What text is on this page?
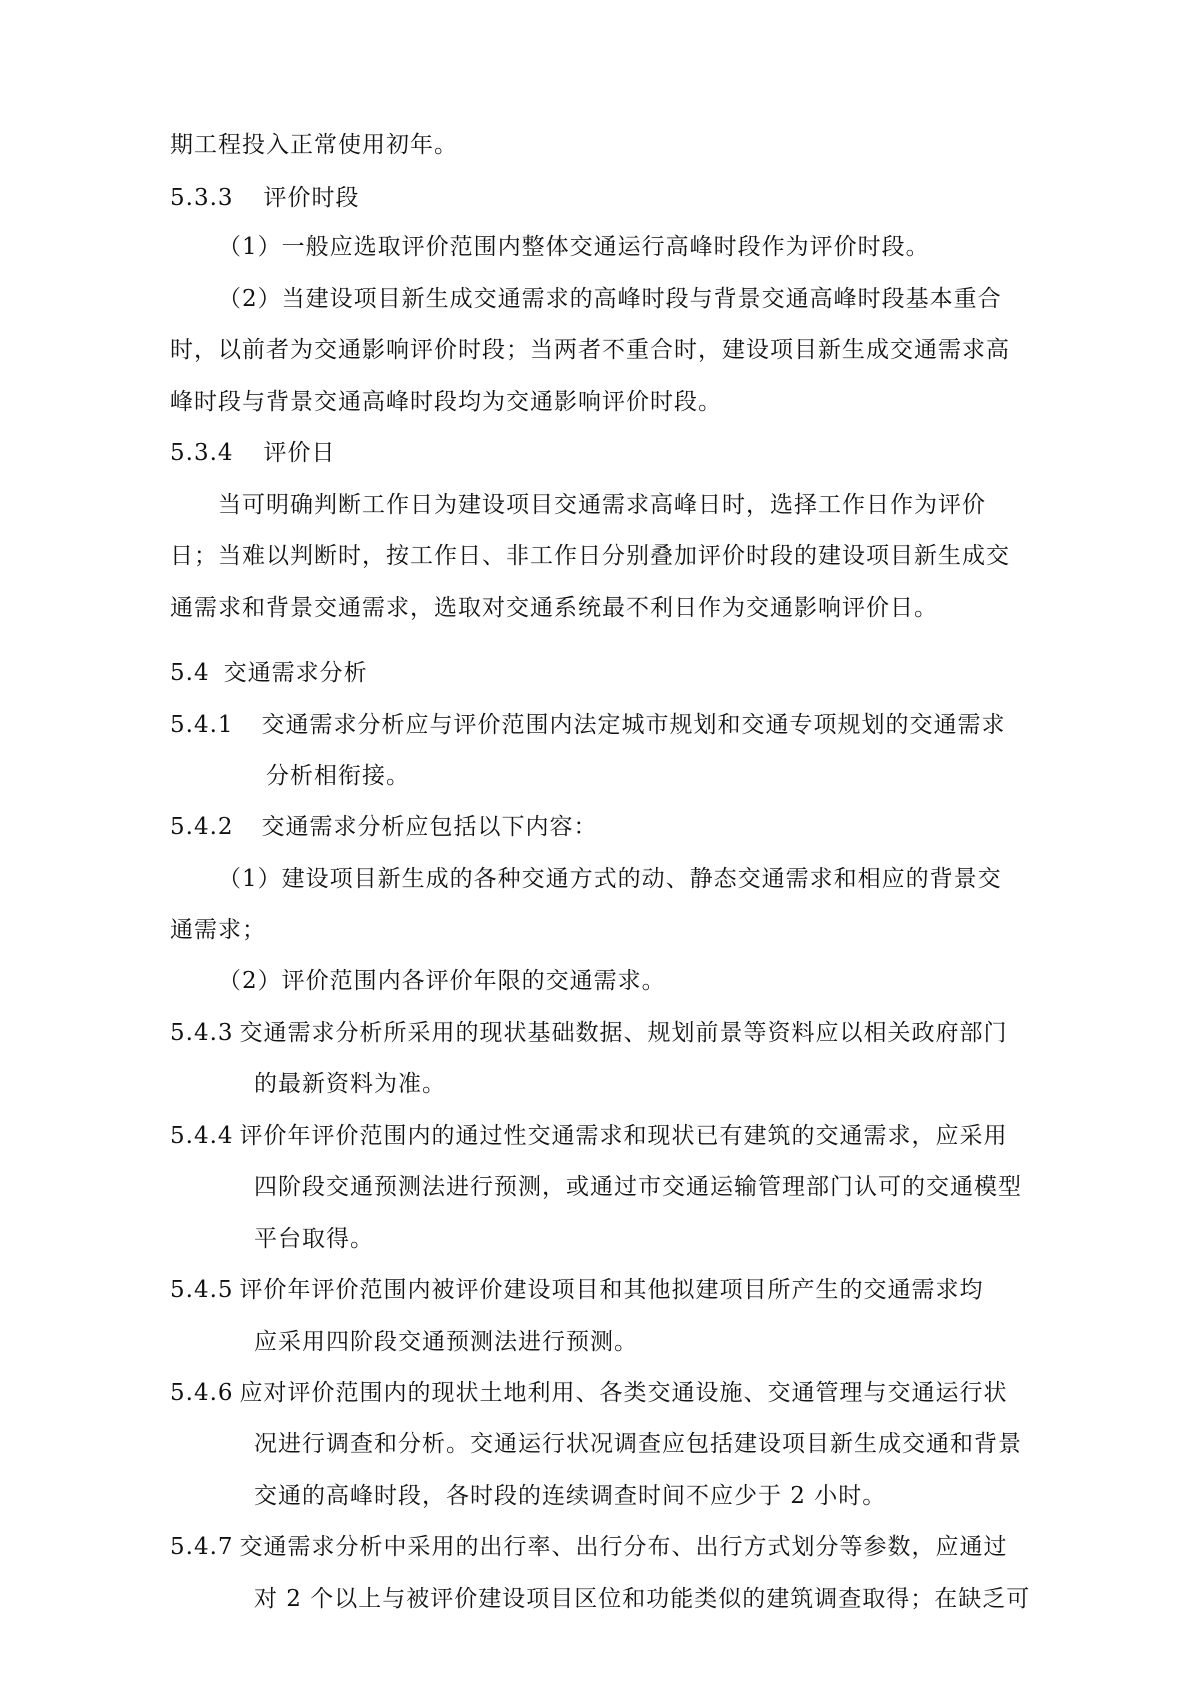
期工程投入正常使用初年。
5.3.3 评价时段
（1）一般应选取评价范围内整体交通运行高峰时段作为评价时段。
（2）当建设项目新生成交通需求的高峰时段与背景交通高峰时段基本重合
时，以前者为交通影响评价时段；当两者不重合时，建设项目新生成交通需求高
峰时段与背景交通高峰时段均为交通影响评价时段。
5.3.4 评价日
当可明确判断工作日为建设项目交通需求高峰日时，选择工作日作为评价
日；当难以判断时，按工作日、非工作日分别叠加评价时段的建设项目新生成交
通需求和背景交通需求，选取对交通系统最不利日作为交通影响评价日。
5.4 交通需求分析
5.4.1 交通需求分析应与评价范围内法定城市规划和交通专项规划的交通需求
分析相衔接。
5.4.2 交通需求分析应包括以下内容：
（1）建设项目新生成的各种交通方式的动、静态交通需求和相应的背景交
通需求；
（2）评价范围内各评价年限的交通需求。
5.4.3 交通需求分析所采用的现状基础数据、规划前景等资料应以相关政府部门
的最新资料为准。
5.4.4 评价年评价范围内的通过性交通需求和现状已有建筑的交通需求，应采用
四阶段交通预测法进行预测，或通过市交通运输管理部门认可的交通模型
平台取得。
5.4.5 评价年评价范围内被评价建设项目和其他拟建项目所产生的交通需求均
应采用四阶段交通预测法进行预测。
5.4.6 应对评价范围内的现状土地利用、各类交通设施、交通管理与交通运行状
况进行调查和分析。交通运行状况调查应包括建设项目新生成交通和背景
交通的高峰时段，各时段的连续调查时间不应少于 2 小时。
5.4.7 交通需求分析中采用的出行率、出行分布、出行方式划分等参数，应通过
对 2 个以上与被评价建设项目区位和功能类似的建筑调查取得；在缺乏可
